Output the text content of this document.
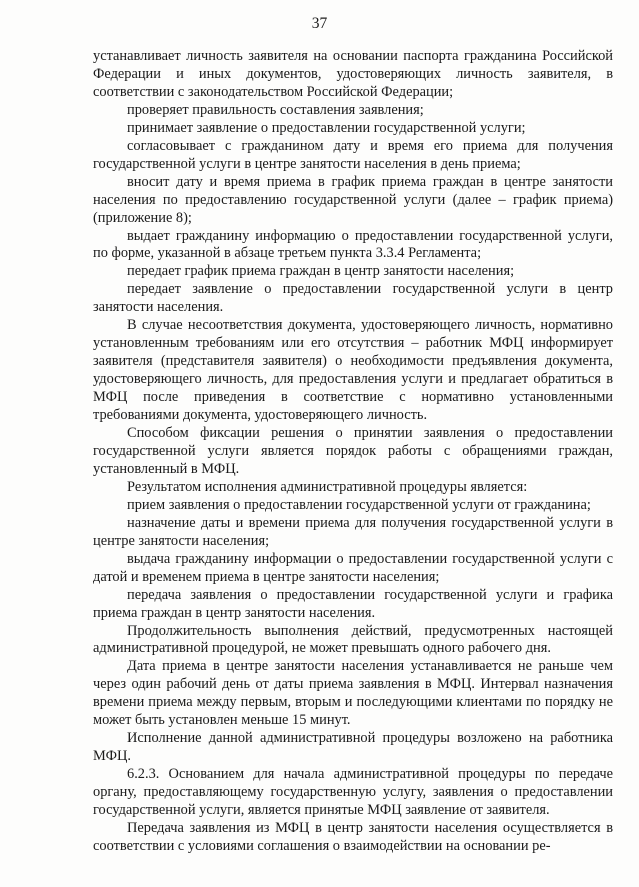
37

устанавливает личность заявителя на основании паспорта гражданина Российской Федерации и иных документов, удостоверяющих личность заявителя, в соответствии с законодательством Российской Федерации;

проверяет правильность составления заявления;

принимает заявление о предоставлении государственной услуги;

согласовывает с гражданином дату и время его приема для получения государственной услуги в центре занятости населения в день приема;

вносит дату и время приема в график приема граждан в центре занятости населения по предоставлению государственной услуги (далее – график приема) (приложение 8);

выдает гражданину информацию о предоставлении государственной услуги, по форме, указанной в абзаце третьем пункта 3.3.4 Регламента;

передает график приема граждан в центр занятости населения;

передает заявление о предоставлении государственной услуги в центр занятости населения.

В случае несоответствия документа, удостоверяющего личность, нормативно установленным требованиям или его отсутствия – работник МФЦ информирует заявителя (представителя заявителя) о необходимости предъявления документа, удостоверяющего личность, для предоставления услуги и предлагает обратиться в МФЦ после приведения в соответствие с нормативно установленными требованиями документа, удостоверяющего личность.

Способом фиксации решения о принятии заявления о предоставлении государственной услуги является порядок работы с обращениями граждан, установленный в МФЦ.

Результатом исполнения административной процедуры является:

прием заявления о предоставлении государственной услуги от гражданина;

назначение даты и времени приема для получения государственной услуги в центре занятости населения;

выдача гражданину информации о предоставлении государственной услуги с датой и временем приема в центре занятости населения;

передача заявления о предоставлении государственной услуги и графика приема граждан в центр занятости населения.

Продолжительность выполнения действий, предусмотренных настоящей административной процедурой, не может превышать одного рабочего дня.

Дата приема в центре занятости населения устанавливается не раньше чем через один рабочий день от даты приема заявления в МФЦ. Интервал назначения времени приема между первым, вторым и последующими клиентами по порядку не может быть установлен меньше 15 минут.

Исполнение данной административной процедуры возложено на работника МФЦ.

6.2.3. Основанием для начала административной процедуры по передаче органу, предоставляющему государственную услугу, заявления о предоставлении государственной услуги, является принятые МФЦ заявление от заявителя.

Передача заявления из МФЦ в центр занятости населения осуществляется в соответствии с условиями соглашения о взаимодействии на основании ре-
